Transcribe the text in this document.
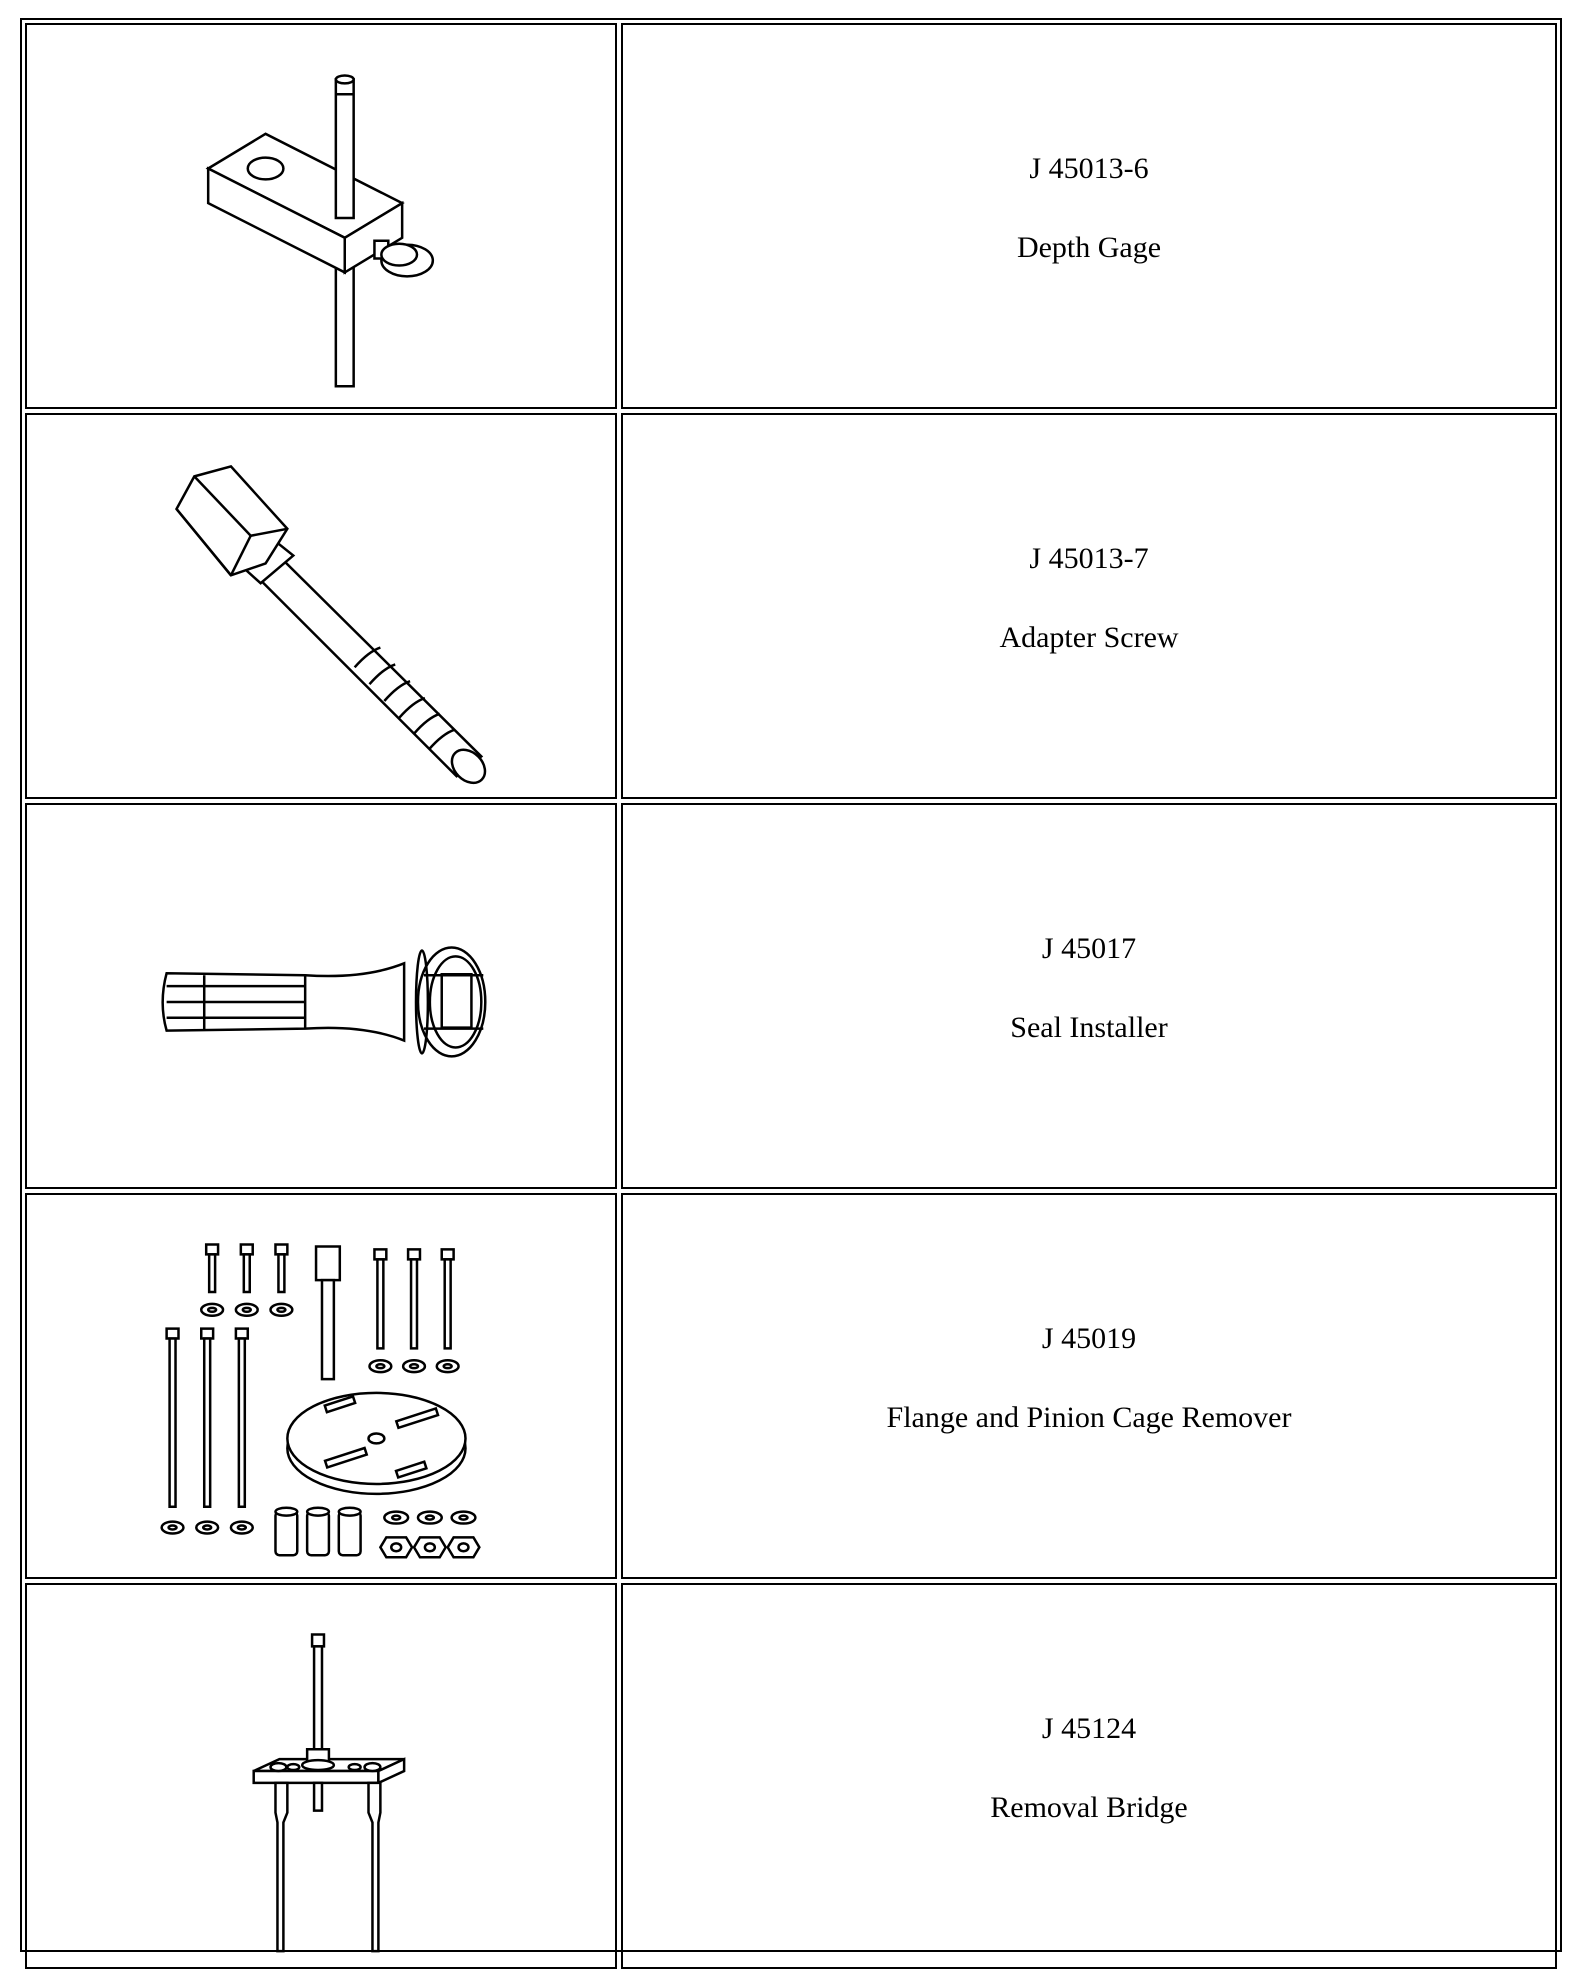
J 45013-6
Depth Gage
J 45013-7
Adapter Screw
J 45017
Seal Installer
J 45019
Flange and Pinion Cage Remover
J 45124
Removal Bridge
